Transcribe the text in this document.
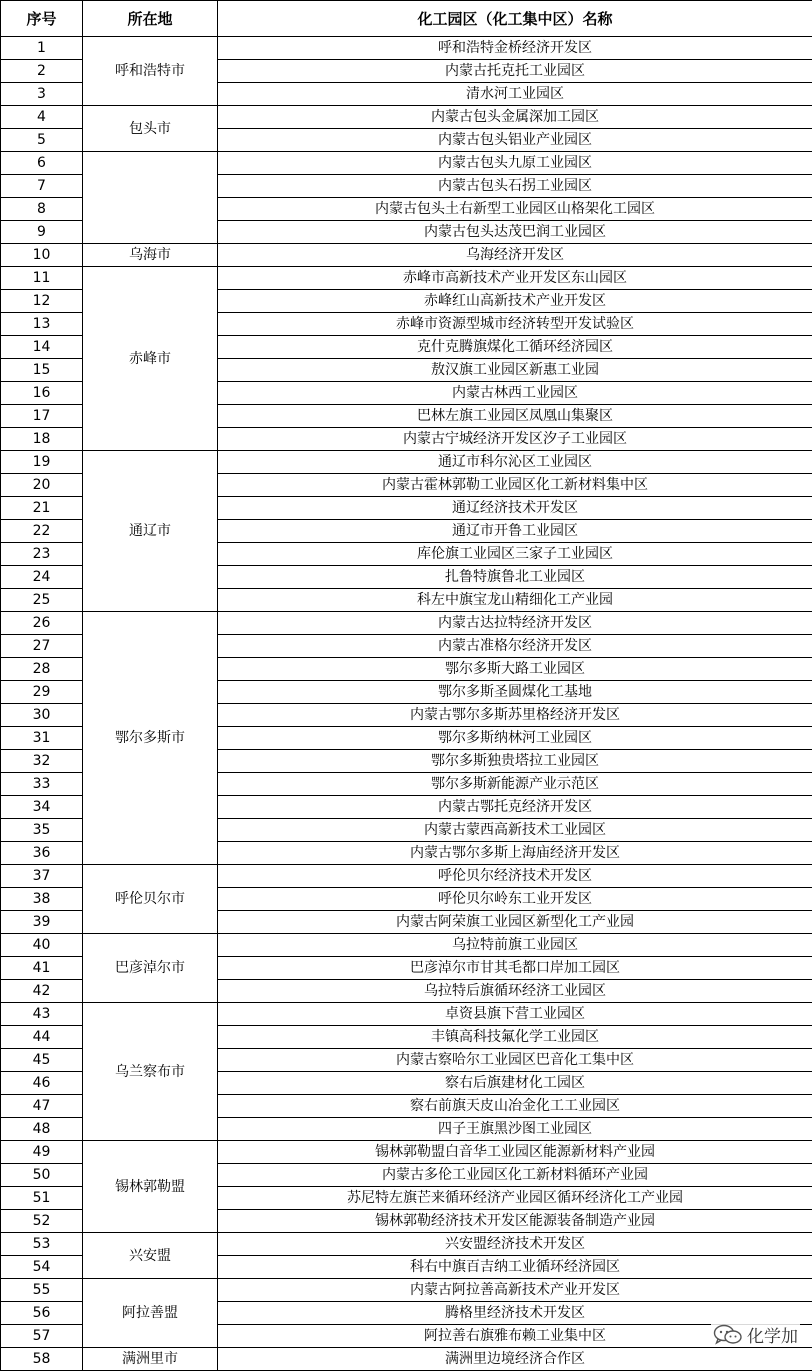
序号	所在地	化工园区（化工集中区）名称
1	呼和浩特市	呼和浩特金桥经济开发区
2		内蒙古托克托工业园区
3		清水河工业园区
4	包头市	内蒙古包头金属深加工园区
5		内蒙古包头铝业产业园区
6		内蒙古包头九原工业园区
7		内蒙古包头石拐工业园区
8		内蒙古包头土右新型工业园区山格架化工园区
9		内蒙古包头达茂巴润工业园区
10	乌海市	乌海经济开发区
11	赤峰市	赤峰市高新技术产业开发区东山园区
12		赤峰红山高新技术产业开发区
13		赤峰市资源型城市经济转型开发试验区
14		克什克腾旗煤化工循环经济园区
15		敖汉旗工业园区新惠工业园
16		内蒙古林西工业园区
17		巴林左旗工业园区凤凰山集聚区
18		内蒙古宁城经济开发区汐子工业园区
19	通辽市	通辽市科尔沁区工业园区
20		内蒙古霍林郭勒工业园区化工新材料集中区
21		通辽经济技术开发区
22		通辽市开鲁工业园区
23		库伦旗工业园区三家子工业园区
24		扎鲁特旗鲁北工业园区
25		科左中旗宝龙山精细化工产业园
26	鄂尔多斯市	内蒙古达拉特经济开发区
27		内蒙古准格尔经济开发区
28		鄂尔多斯大路工业园区
29		鄂尔多斯圣圆煤化工基地
30		内蒙古鄂尔多斯苏里格经济开发区
31		鄂尔多斯纳林河工业园区
32		鄂尔多斯独贵塔拉工业园区
33		鄂尔多斯新能源产业示范区
34		内蒙古鄂托克经济开发区
35		内蒙古蒙西高新技术工业园区
36		内蒙古鄂尔多斯上海庙经济开发区
37	呼伦贝尔市	呼伦贝尔经济技术开发区
38		呼伦贝尔岭东工业开发区
39		内蒙古阿荣旗工业园区新型化工产业园
40	巴彦淖尔市	乌拉特前旗工业园区
41		巴彦淖尔市甘其毛都口岸加工园区
42		乌拉特后旗循环经济工业园区
43	乌兰察布市	卓资县旗下营工业园区
44		丰镇高科技氟化学工业园区
45		内蒙古察哈尔工业园区巴音化工集中区
46		察右后旗建材化工园区
47		察右前旗天皮山冶金化工工业园区
48		四子王旗黑沙图工业园区
49	锡林郭勒盟	锡林郭勒盟白音华工业园区能源新材料产业园
50		内蒙古多伦工业园区化工新材料循环产业园
51		苏尼特左旗芒来循环经济产业园区循环经济化工产业园
52		锡林郭勒经济技术开发区能源装备制造产业园
53	兴安盟	兴安盟经济技术开发区
54		科右中旗百吉纳工业循环经济园区
55	阿拉善盟	内蒙古阿拉善高新技术产业开发区
56		腾格里经济技术开发区
57		阿拉善右旗雅布赖工业集中区
58	满洲里市	满洲里边境经济合作区
化学加
